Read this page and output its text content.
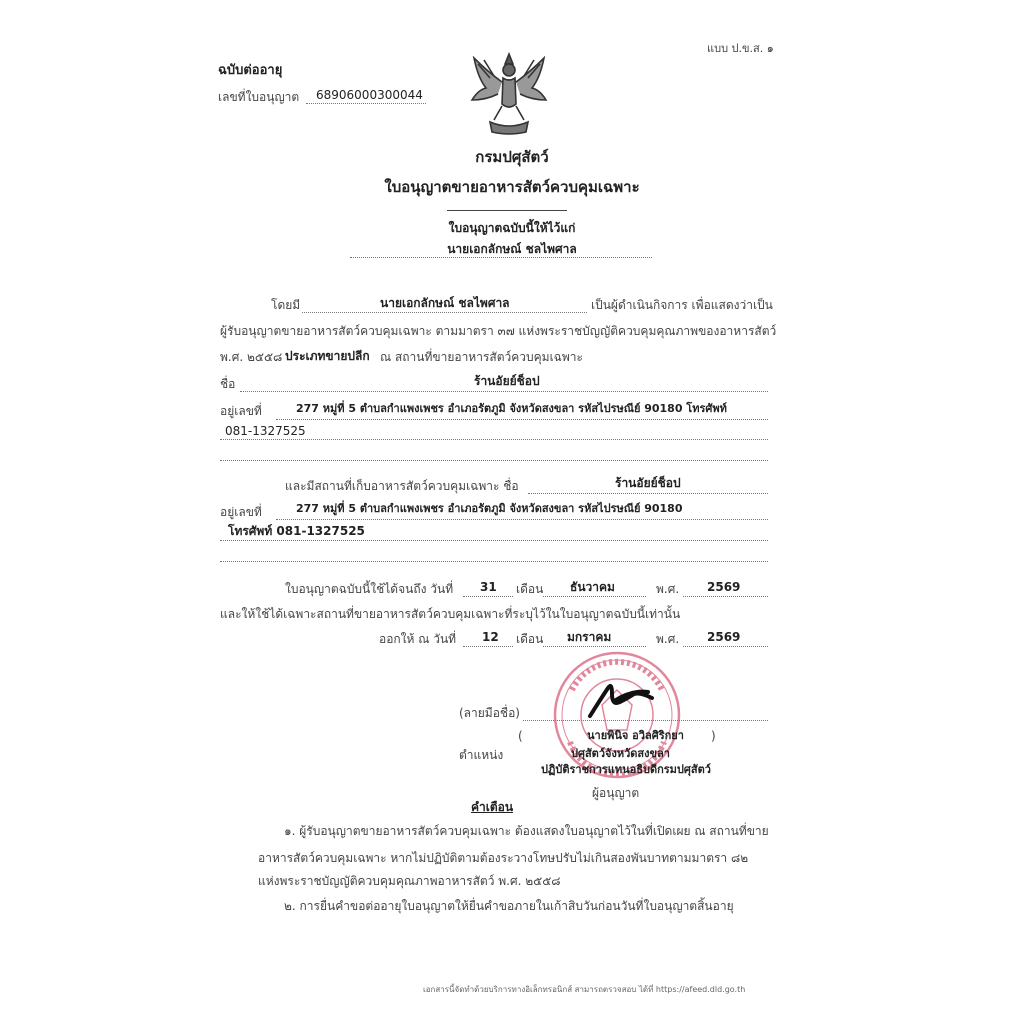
แบบ ป.ข.ส. ๑
ฉบับต่ออายุ
เลขที่ใบอนุญาต 68906000300044
กรมปศุสัตว์
ใบอนุญาตขายอาหารสัตว์ควบคุมเฉพาะ
ใบอนุญาตฉบับนี้ให้ไว้แก่
นายเอกลักษณ์ ชลไพศาล
โดยมี	นายเอกลักษณ์ ชลไพศาล	เป็นผู้ดำเนินกิจการ เพื่อแสดงว่าเป็น
ผู้รับอนุญาตขายอาหารสัตว์ควบคุมเฉพาะ ตามมาตรา ๓๗ แห่งพระราชบัญญัติควบคุมคุณภาพของอาหารสัตว์
พ.ศ. ๒๕๕๘ ประเภทขายปลีก ณ สถานที่ขายอาหารสัตว์ควบคุมเฉพาะ
ชื่อ	ร้านอัยย์ช็อป
อยู่เลขที่	277 หมู่ที่ 5 ตำบลกำแพงเพชร อำเภอรัตภูมิ จังหวัดสงขลา รหัสไปรษณีย์ 90180 โทรศัพท์
081-1327525
และมีสถานที่เก็บอาหารสัตว์ควบคุมเฉพาะ ชื่อ	ร้านอัยย์ช็อป
อยู่เลขที่	277 หมู่ที่ 5 ตำบลกำแพงเพชร อำเภอรัตภูมิ จังหวัดสงขลา รหัสไปรษณีย์ 90180
โทรศัพท์ 081-1327525
ใบอนุญาตฉบับนี้ใช้ได้จนถึง วันที่ 31 เดือน ธันวาคม	พ.ศ. 2569
และให้ใช้ได้เฉพาะสถานที่ขายอาหารสัตว์ควบคุมเฉพาะที่ระบุไว้ในใบอนุญาตฉบับนี้เท่านั้น
ออกให้ ณ วันที่ 12 เดือน มกราคม	พ.ศ. 2569
(ลายมือชื่อ)
(	นายพินิจ อวิลศิริกยา )
ตำแหน่ง	ปศุสัตว์จังหวัดสงขลา
ปฏิบัติราชการแทนอธิบดีกรมปศุสัตว์
ผู้อนุญาต
คำเตือน
๑. ผู้รับอนุญาตขายอาหารสัตว์ควบคุมเฉพาะ ต้องแสดงใบอนุญาตไว้ในที่เปิดเผย ณ สถานที่ขาย
อาหารสัตว์ควบคุมเฉพาะ หากไม่ปฏิบัติตามต้องระวางโทษปรับไม่เกินสองพันบาทตามมาตรา ๘๒
แห่งพระราชบัญญัติควบคุมคุณภาพอาหารสัตว์ พ.ศ. ๒๕๕๘
๒. การยื่นคำขอต่ออายุใบอนุญาตให้ยื่นคำขอภายในเก้าสิบวันก่อนวันที่ใบอนุญาตสิ้นอายุ
เอกสารนี้จัดทำด้วยบริการทางอิเล็กทรอนิกส์ สามารถตรวจสอบ ได้ที่ https://afeed.dld.go.th
